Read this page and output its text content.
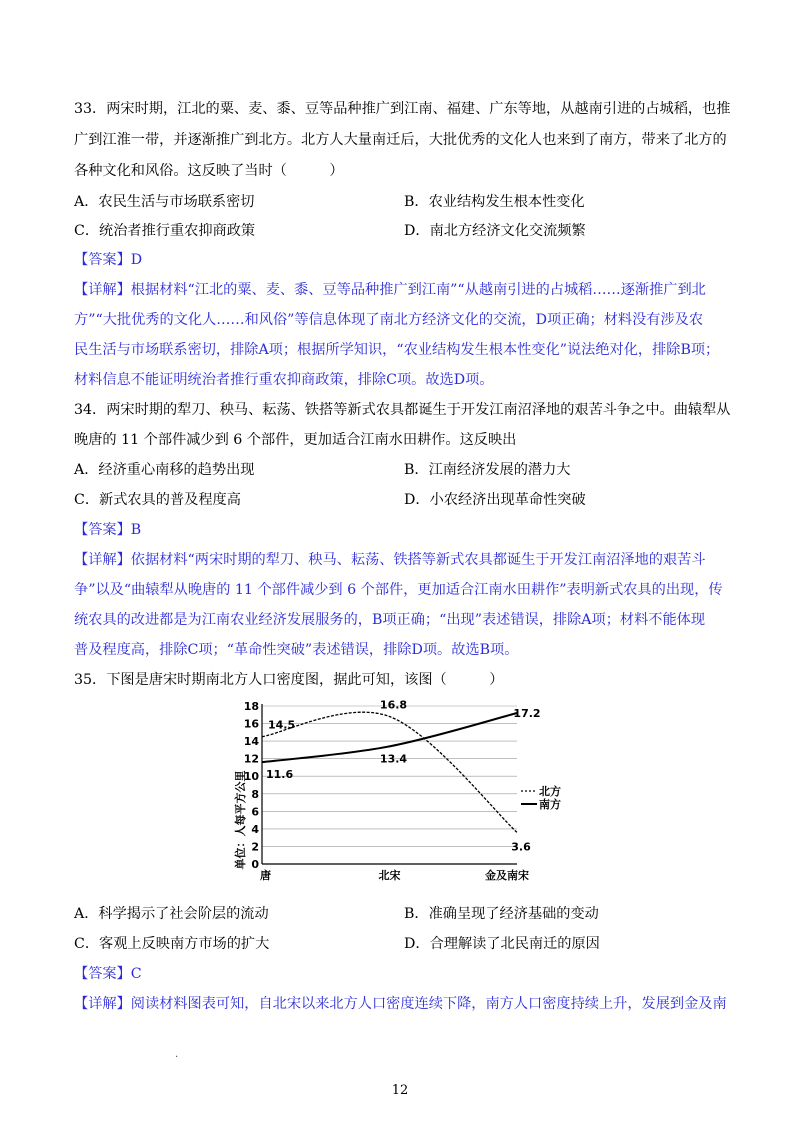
33．两宋时期，江北的粟、麦、黍、豆等品种推广到江南、福建、广东等地，从越南引进的占城稻，也推
广到江淮一带，并逐渐推广到北方。北方人大量南迁后，大批优秀的文化人也来到了南方，带来了北方的
各种文化和风俗。这反映了当时（　　　）
A．农民生活与市场联系密切	B．农业结构发生根本性变化
C．统治者推行重农抑商政策	D．南北方经济文化交流频繁
【答案】D
【详解】根据材料“江北的粟、麦、黍、豆等品种推广到江南”“从越南引进的占城稻……逐渐推广到北
方”“大批优秀的文化人……和风俗”等信息体现了南北方经济文化的交流，D项正确；材料没有涉及农
民生活与市场联系密切，排除A项；根据所学知识，“农业结构发生根本性变化”说法绝对化，排除B项；
材料信息不能证明统治者推行重农抑商政策，排除C项。故选D项。
34．两宋时期的犁刀、秧马、耘荡、铁搭等新式农具都诞生于开发江南沼泽地的艰苦斗争之中。曲辕犁从
晚唐的 11 个部件减少到 6 个部件，更加适合江南水田耕作。这反映出
A．经济重心南移的趋势出现	B．江南经济发展的潜力大
C．新式农具的普及程度高	D．小农经济出现革命性突破
【答案】B
【详解】依据材料“两宋时期的犁刀、秧马、耘荡、铁搭等新式农具都诞生于开发江南沼泽地的艰苦斗
争”以及“曲辕犁从晚唐的 11 个部件减少到 6 个部件，更加适合江南水田耕作”表明新式农具的出现，传
统农具的改进都是为江南农业经济发展服务的，B项正确；“出现”表述错误，排除A项；材料不能体现
普及程度高，排除C项；“革命性突破”表述错误，排除D项。故选B项。
35．下图是唐宋时期南北方人口密度图，据此可知，该图（　　　）
0
2
4
6
8
10
12
14
16
18
唐	北宋	金及南宋
14.5
16.8
3.6
11.6
13.4
17.2
单位：人每平方公里	北方
南方
A．科学揭示了社会阶层的流动	B．准确呈现了经济基础的变动
C．客观上反映南方市场的扩大	D．合理解读了北民南迁的原因
【答案】C
【详解】阅读材料图表可知，自北宋以来北方人口密度连续下降，南方人口密度持续上升，发展到金及南
.
12
